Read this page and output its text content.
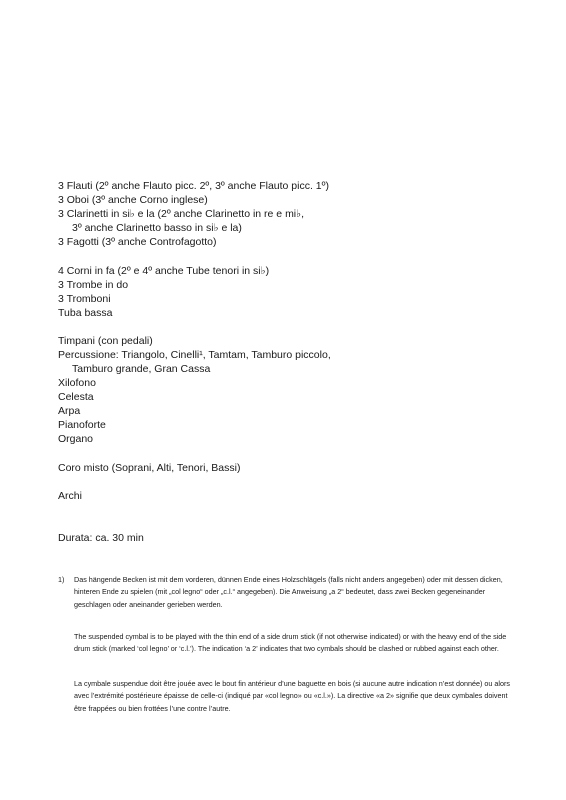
3 Flauti (2º anche Flauto picc. 2º, 3º anche Flauto picc. 1º)
3 Oboi (3º anche Corno inglese)
3 Clarinetti in si♭ e la (2º anche Clarinetto in re e mi♭,
3º anche Clarinetto basso in si♭ e la)
3 Fagotti (3º anche Controfagotto)
4 Corni in fa (2º e 4º anche Tube tenori in si♭)
3 Trombe in do
3 Tromboni
Tuba bassa
Timpani (con pedali)
Percussione: Triangolo, Cinelli¹, Tamtam, Tamburo piccolo,
Tamburo grande, Gran Cassa
Xilofono
Celesta
Arpa
Pianoforte
Organo
Coro misto (Soprani, Alti, Tenori, Bassi)
Archi
Durata: ca. 30 min
1) Das hängende Becken ist mit dem vorderen, dünnen Ende eines Holzschlägels (falls nicht anders angegeben) oder mit dessen dicken, hinteren Ende zu spielen (mit „col legno“ oder „c.l.“ angegeben). Die Anweisung „a 2“ bedeutet, dass zwei Becken gegeneinander geschlagen oder aneinander gerieben werden.

The suspended cymbal is to be played with the thin end of a side drum stick (if not otherwise indicated) or with the heavy end of the side drum stick (marked ‘col legno’ or ‘c.l.’). The indication ‘a 2’ indicates that two cymbals should be clashed or rubbed against each other.

La cymbale suspendue doit être jouée avec le bout fin antérieur d’une baguette en bois (si aucune autre indication n’est donnée) ou alors avec l’extrémité postérieure épaisse de celle-ci (indiqué par «col legno» ou «c.l.»). La directive «a 2» signifie que deux cymbales doivent être frappées ou bien frottées l’une contre l’autre.
